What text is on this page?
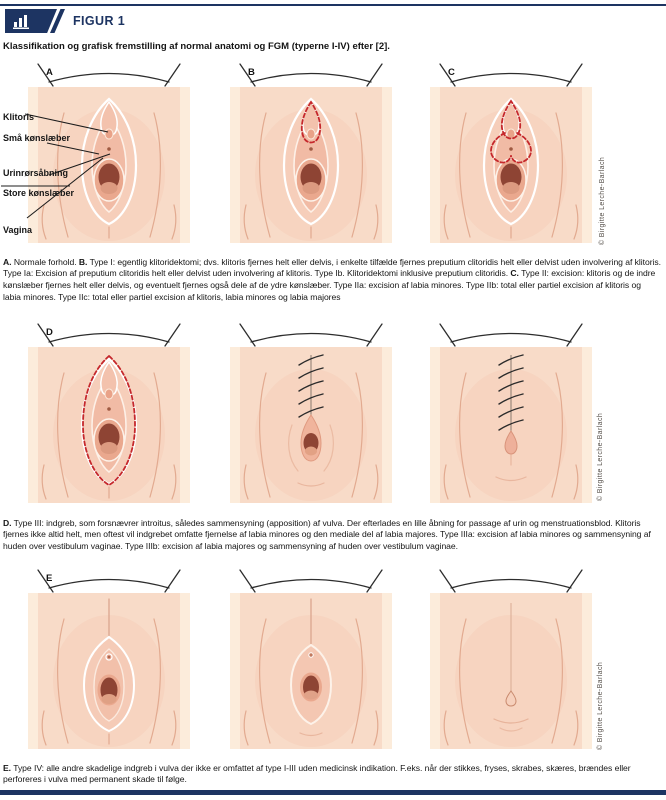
FIGUR 1
Klassifikation og grafisk fremstilling af normal anatomi og FGM (typerne I-IV) efter [2].
A	B	C
Klitoris
Små kønslæber
Urinrørsåbning
Store kønslæber
Vagina	© Birgitte Lerche-Barlach

A. Normale forhold. B. Type I: egentlig klitoridektomi; dvs. klitoris fjernes helt eller delvis, i enkelte tilfælde fjernes preputium clitoridis helt eller delvist uden involvering af klitoris. Type Ia: Excision af preputium clitoridis helt eller delvist uden involvering af klitoris. Type Ib. Klitoridektomi inklusive preputium clitoridis. C. Type II: excision: klitoris og de indre kønslæber fjernes helt eller delvis, og eventuelt fjernes også dele af de ydre kønslæber. Type IIa: excision af labia minores. Type IIb: total eller partiel excision af klitoris og labia minores. Type IIc: total eller partiel excision af klitoris, labia minores og labia majores

D
© Birgitte Lerche-Barlach

D. Type III: indgreb, som forsnævrer introitus, således sammensyning (apposition) af vulva. Der efterlades en lille åbning for passage af urin og menstruationsblod. Klitoris fjernes ikke altid helt, men oftest vil indgrebet omfatte fjernelse af labia minores og den mediale del af labia majores. Type IIIa: excision af labia minores og sammensyning af huden over vestibulum vaginae. Type IIIb: excision af labia majores og sammensyning af huden over vestibulum vaginae.

E
© Birgitte Lerche-Barlach

E. Type IV: alle andre skadelige indgreb i vulva der ikke er omfattet af type I-III uden medicinsk indikation. F.eks. når der stikkes, fryses, skrabes, skæres, brændes eller perforeres i vulva med permanent skade til følge.
